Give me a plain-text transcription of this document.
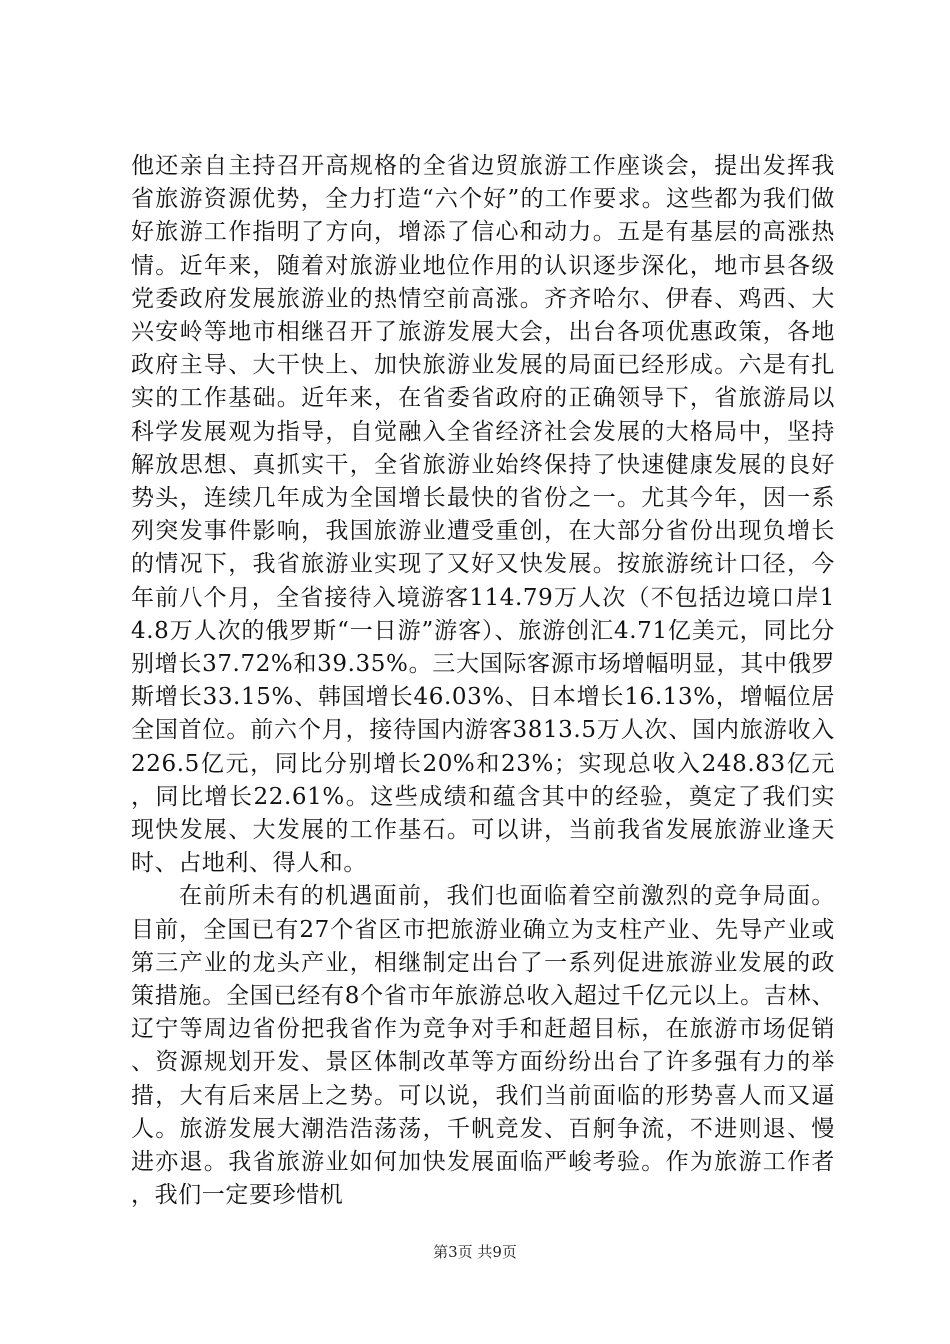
他还亲自主持召开高规格的全省边贸旅游工作座谈会，提出发挥我省旅游资源优势，全力打造“六个好”的工作要求。这些都为我们做好旅游工作指明了方向，增添了信心和动力。五是有基层的高涨热情。近年来，随着对旅游业地位作用的认识逐步深化，地市县各级党委政府发展旅游业的热情空前高涨。齐齐哈尔、伊春、鸡西、大兴安岭等地市相继召开了旅游发展大会，出台各项优惠政策，各地政府主导、大干快上、加快旅游业发展的局面已经形成。六是有扎实的工作基础。近年来，在省委省政府的正确领导下，省旅游局以科学发展观为指导，自觉融入全省经济社会发展的大格局中，坚持解放思想、真抓实干，全省旅游业始终保持了快速健康发展的良好势头，连续几年成为全国增长最快的省份之一。尤其今年，因一系列突发事件影响，我国旅游业遭受重创，在大部分省份出现负增长的情况下，我省旅游业实现了又好又快发展。按旅游统计口径，今年前八个月，全省接待入境游客114.79万人次（不包括边境口岸14.8万人次的俄罗斯“一日游”游客）、旅游创汇4.71亿美元，同比分别增长37.72%和39.35%。三大国际客源市场增幅明显，其中俄罗斯增长33.15%、韩国增长46.03%、日本增长16.13%，增幅位居全国首位。前六个月，接待国内游客3813.5万人次、国内旅游收入226.5亿元，同比分别增长20%和23%；实现总收入248.83亿元，同比增长22.61%。这些成绩和蕴含其中的经验，奠定了我们实现快发展、大发展的工作基石。可以讲，当前我省发展旅游业逢天时、占地利、得人和。

在前所未有的机遇面前，我们也面临着空前激烈的竞争局面。目前，全国已有27个省区市把旅游业确立为支柱产业、先导产业或第三产业的龙头产业，相继制定出台了一系列促进旅游业发展的政策措施。全国已经有8个省市年旅游总收入超过千亿元以上。吉林、辽宁等周边省份把我省作为竞争对手和赶超目标，在旅游市场促销、资源规划开发、景区体制改革等方面纷纷出台了许多强有力的举措，大有后来居上之势。可以说，我们当前面临的形势喜人而又逼人。旅游发展大潮浩浩荡荡，千帆竞发、百舸争流，不进则退、慢进亦退。我省旅游业如何加快发展面临严峻考验。作为旅游工作者，我们一定要珍惜机

第3页 共9页
